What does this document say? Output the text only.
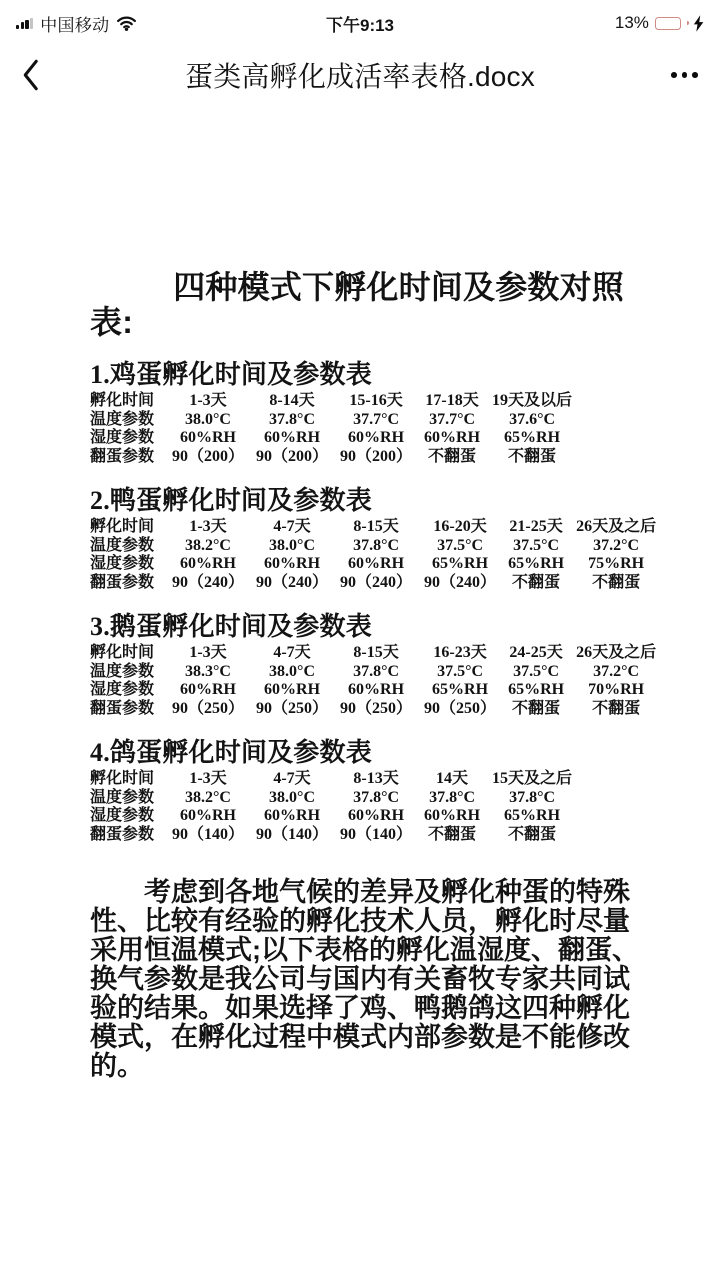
中国移动	下午9:13	13%
蛋类高孵化成活率表格.docx
四种模式下孵化时间及参数对照表:
1.鸡蛋孵化时间及参数表
孵化时间	1-3天	8-14天	15-16天	17-18天	19天及以后
温度参数	38.0°C	37.8°C	37.7°C	37.7°C	37.6°C
湿度参数	60%RH	60%RH	60%RH	60%RH	65%RH
翻蛋参数	90（200）	90（200）	90（200）	不翻蛋	不翻蛋
2.鸭蛋孵化时间及参数表
孵化时间	1-3天	4-7天	8-15天	16-20天	21-25天	26天及之后
温度参数	38.2°C	38.0°C	37.8°C	37.5°C	37.5°C	37.2°C
湿度参数	60%RH	60%RH	60%RH	65%RH	65%RH	75%RH
翻蛋参数	90（240）	90（240）	90（240）	90（240）	不翻蛋	不翻蛋
3.鹅蛋孵化时间及参数表
孵化时间	1-3天	4-7天	8-15天	16-23天	24-25天	26天及之后
温度参数	38.3°C	38.0°C	37.8°C	37.5°C	37.5°C	37.2°C
湿度参数	60%RH	60%RH	60%RH	65%RH	65%RH	70%RH
翻蛋参数	90（250）	90（250）	90（250）	90（250）	不翻蛋	不翻蛋
4.鸽蛋孵化时间及参数表
孵化时间	1-3天	4-7天	8-13天	14天	15天及之后
温度参数	38.2°C	38.0°C	37.8°C	37.8°C	37.8°C
湿度参数	60%RH	60%RH	60%RH	60%RH	65%RH
翻蛋参数	90（140）	90（140）	90（140）	不翻蛋	不翻蛋
考虑到各地气候的差异及孵化种蛋的特殊性、比较有经验的孵化技术人员，孵化时尽量采用恒温模式;以下表格的孵化温湿度、翻蛋、换气参数是我公司与国内有关畜牧专家共同试验的结果。如果选择了鸡、鸭鹅鸽这四种孵化模式，在孵化过程中模式内部参数是不能修改的。
